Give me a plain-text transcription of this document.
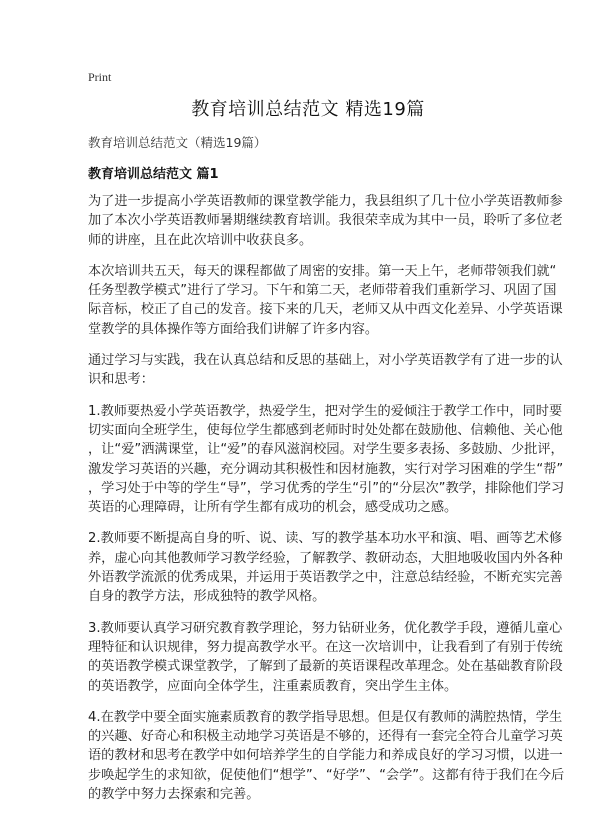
Print
教育培训总结范文 精选19篇
教育培训总结范文（精选19篇）
教育培训总结范文 篇1
为了进一步提高小学英语教师的课堂教学能力，我县组织了几十位小学英语教师参
加了本次小学英语教师暑期继续教育培训。我很荣幸成为其中一员，聆听了多位老
师的讲座，且在此次培训中收获良多。
本次培训共五天，每天的课程都做了周密的安排。第一天上午，老师带领我们就“
任务型教学模式”进行了学习。下午和第二天，老师带着我们重新学习、巩固了国
际音标，校正了自己的发音。接下来的几天，老师又从中西文化差异、小学英语课
堂教学的具体操作等方面给我们讲解了许多内容。
通过学习与实践，我在认真总结和反思的基础上，对小学英语教学有了进一步的认
识和思考：
1.教师要热爱小学英语教学，热爱学生，把对学生的爱倾注于教学工作中，同时要
切实面向全班学生，使每位学生都感到老师时时处处都在鼓励他、信赖他、关心他
，让“爱”洒满课堂，让“爱”的春风滋润校园。对学生要多表扬、多鼓励、少批评，
激发学习英语的兴趣，充分调动其积极性和因材施教，实行对学习困难的学生“帮”
，学习处于中等的学生“导”，学习优秀的学生“引”的“分层次”教学，排除他们学习
英语的心理障碍，让所有学生都有成功的机会，感受成功之感。
2.教师要不断提高自身的听、说、读、写的教学基本功水平和演、唱、画等艺术修
养，虚心向其他教师学习教学经验，了解教学、教研动态，大胆地吸收国内外各种
外语教学流派的优秀成果，并运用于英语教学之中，注意总结经验，不断充实完善
自身的教学方法，形成独特的教学风格。
3.教师要认真学习研究教育教学理论，努力钻研业务，优化教学手段，遵循儿童心
理特征和认识规律，努力提高教学水平。在这一次培训中，让我看到了有别于传统
的英语教学模式课堂教学，了解到了最新的英语课程改革理念。处在基础教育阶段
的英语教学，应面向全体学生，注重素质教育，突出学生主体。
4.在教学中要全面实施素质教育的教学指导思想。但是仅有教师的满腔热情，学生
的兴趣、好奇心和积极主动地学习英语是不够的，还得有一套完全符合儿童学习英
语的教材和思考在教学中如何培养学生的自学能力和养成良好的学习习惯，以进一
步唤起学生的求知欲，促使他们“想学”、“好学”、“会学”。这都有待于我们在今后
的教学中努力去探索和完善。
